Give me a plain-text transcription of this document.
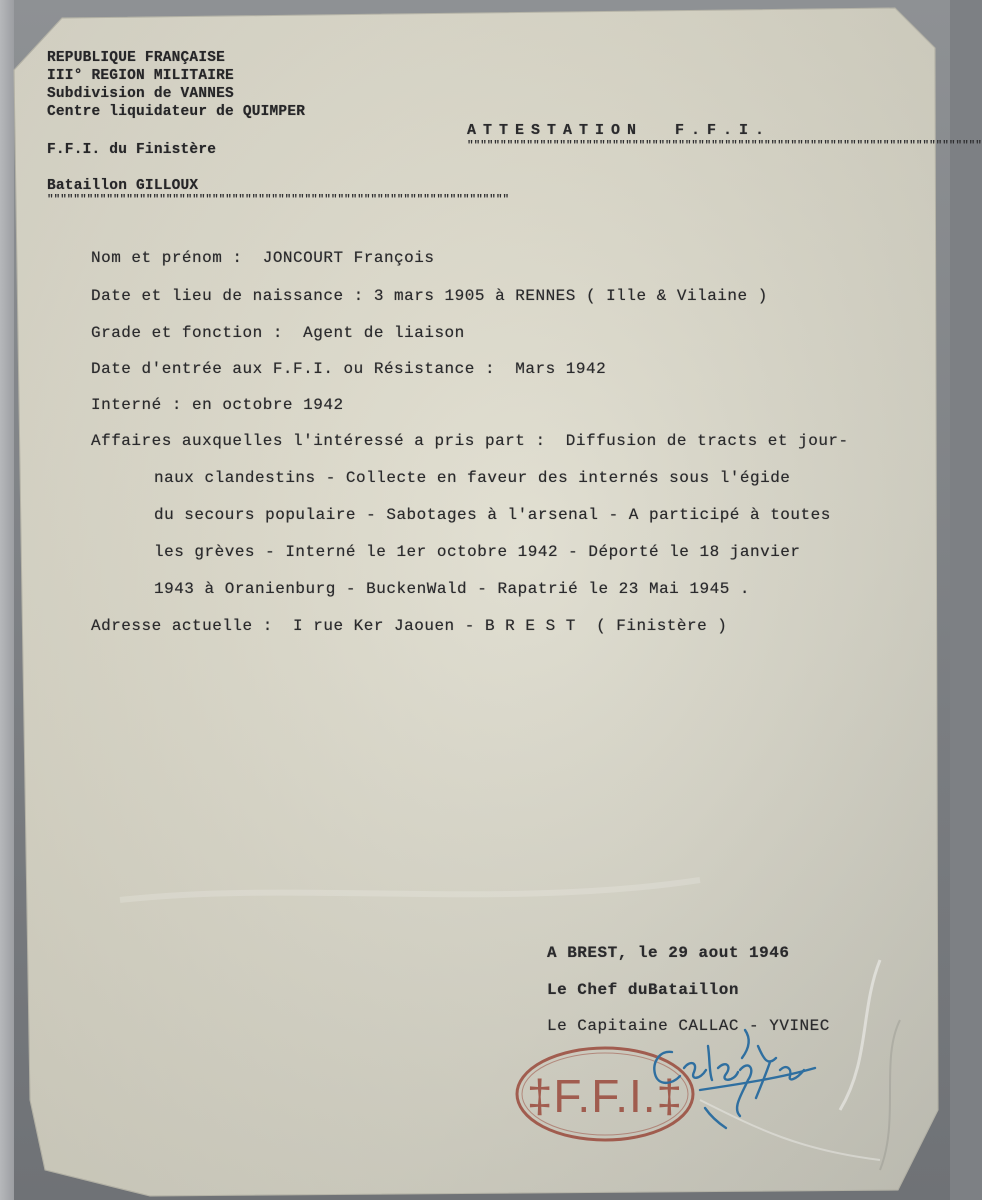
REPUBLIQUE FRANÇAISE
III° REGION MILITAIRE
Subdivision de VANNES
Centre liquidateur de QUIMPER
F.F.I. du Finistère
Bataillon GILLOUX
""""""""""""""""""""""""""""""""""""""""""""""""""""""""""""""""""""""
ATTESTATION  F.F.I.
""""""""""""""""""""""""""""""""""""""""""""""""""""""""""""""""""""""""""""""
Nom et prénom :  JONCOURT François
Date et lieu de naissance : 3 mars 1905 à RENNES ( Ille & Vilaine )
Grade et fonction :  Agent de liaison
Date d'entrée aux F.F.I. ou Résistance :  Mars 1942
Interné : en octobre 1942
Affaires auxquelles l'intéressé a pris part :  Diffusion de tracts et jour-
naux clandestins - Collecte en faveur des internés sous l'égide
du secours populaire - Sabotages à l'arsenal - A participé à toutes
les grèves - Interné le 1er octobre 1942 - Déporté le 18 janvier
1943 à Oranienburg - BuckenWald - Rapatrié le 23 Mai 1945 .
Adresse actuelle :  I rue Ker Jaouen - B R E S T  ( Finistère )
A BREST, le 29 aout 1946
Le Chef duBataillon
Le Capitaine CALLAC - YVINEC
‡F.F.I.‡
